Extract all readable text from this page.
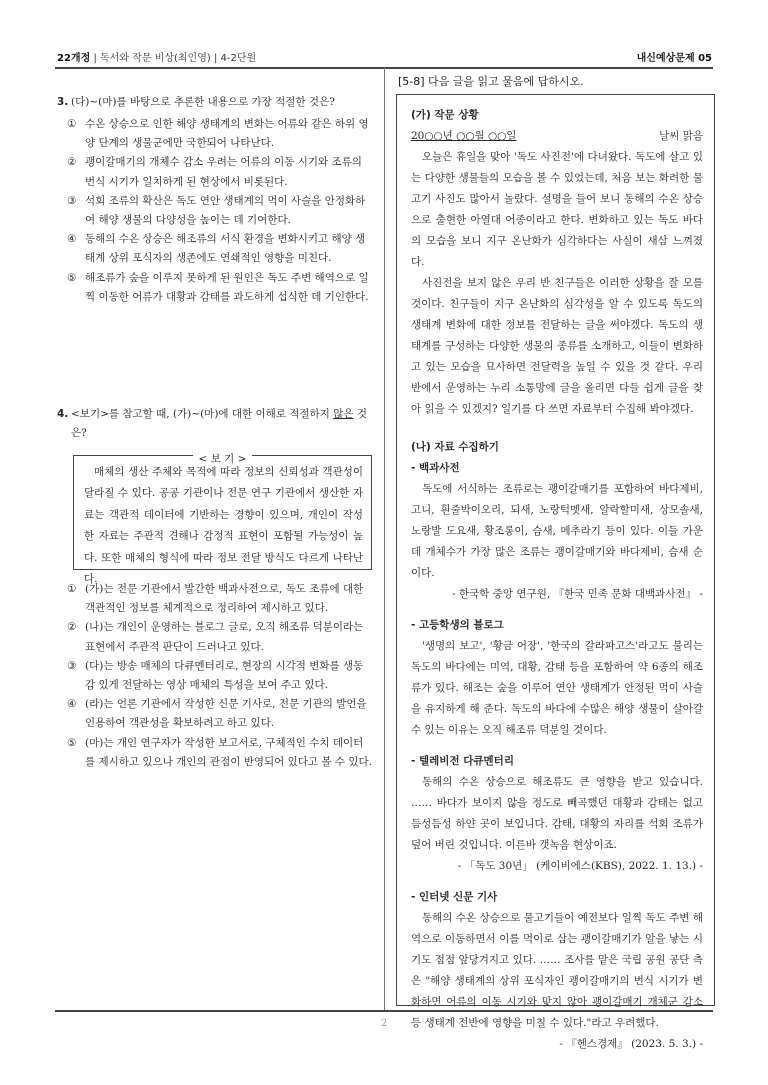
22개정 | 독서와 작문 비상(최인영) | 4-2단원	내신예상문제 05
3. (다)~(마)를 바탕으로 추론한 내용으로 가장 적절한 것은?
① 수온 상승으로 인한 해양 생태계의 변화는 어류와 같은 하위 영양 단계의 생물군에만 국한되어 나타난다.
② 괭이갈매기의 개체수 감소 우려는 어류의 이동 시기와 조류의 번식 시기가 일치하게 된 현상에서 비롯된다.
③ 석회 조류의 확산은 독도 연안 생태계의 먹이 사슬을 안정화하여 해양 생물의 다양성을 높이는 데 기여한다.
④ 동해의 수온 상승은 해조류의 서식 환경을 변화시키고 해양 생태계 상위 포식자의 생존에도 연쇄적인 영향을 미친다.
⑤ 해조류가 숲을 이루지 못하게 된 원인은 독도 주변 해역으로 일찍 이동한 어류가 대황과 감태를 과도하게 섭식한 데 기인한다.
4. <보기>를 참고할 때, (가)~(마)에 대한 이해로 적절하지 않은 것은?
< 보 기 >
매체의 생산 주체와 목적에 따라 정보의 신뢰성과 객관성이 달라질 수 있다. 공공 기관이나 전문 연구 기관에서 생산한 자료는 객관적 데이터에 기반하는 경향이 있으며, 개인이 작성한 자료는 주관적 견해나 감정적 표현이 포함될 가능성이 높다. 또한 매체의 형식에 따라 정보 전달 방식도 다르게 나타난다.
① (가)는 전문 기관에서 발간한 백과사전으로, 독도 조류에 대한 객관적인 정보를 체계적으로 정리하여 제시하고 있다.
② (나)는 개인이 운영하는 블로그 글로, 오직 해조류 덕분이라는 표현에서 주관적 판단이 드러나고 있다.
③ (다)는 방송 매체의 다큐멘터리로, 현장의 시각적 변화를 생동감 있게 전달하는 영상 매체의 특성을 보여 주고 있다.
④ (라)는 언론 기관에서 작성한 신문 기사로, 전문 기관의 발언을 인용하여 객관성을 확보하려고 하고 있다.
⑤ (마)는 개인 연구자가 작성한 보고서로, 구체적인 수치 데이터를 제시하고 있으나 개인의 관점이 반영되어 있다고 볼 수 있다.
[5-8] 다음 글을 읽고 물음에 답하시오.
(가) 작문 상황
20○○년 ○○월 ○○일	날씨 맑음
오늘은 휴일을 맞아 '독도 사진전'에 다녀왔다. 독도에 살고 있는 다양한 생물들의 모습을 볼 수 있었는데, 처음 보는 화려한 물고기 사진도 많아서 놀랐다. 설명을 들어 보니 동해의 수온 상승으로 출현한 아열대 어종이라고 한다. 변화하고 있는 독도 바다의 모습을 보니 지구 온난화가 심각하다는 사실이 새삼 느껴졌다.
사진전을 보지 않은 우리 반 친구들은 이러한 상황을 잘 모를 것이다. 친구들이 지구 온난화의 심각성을 알 수 있도록 독도의 생태계 변화에 대한 정보를 전달하는 글을 써야겠다. 독도의 생태계를 구성하는 다양한 생물의 종류를 소개하고, 이들이 변화하고 있는 모습을 묘사하면 전달력을 높일 수 있을 것 같다. 우리 반에서 운영하는 누리 소통망에 글을 올리면 다들 쉽게 글을 찾아 읽을 수 있겠지? 일기를 다 쓰면 자료부터 수집해 봐야겠다.
(나) 자료 수집하기
- 백과사전
독도에 서식하는 조류로는 괭이갈매기를 포함하여 바다제비, 고니, 흰줄박이오리, 되새, 노랑턱멧새, 알락할미새, 상모솔새, 노랑발 도요새, 황조롱이, 슴새, 메추라기 등이 있다. 이들 가운데 개체수가 가장 많은 조류는 괭이갈매기와 바다제비, 슴새 순이다.
- 한국학 중앙 연구원, 『한국 민족 문화 대백과사전』 -
- 고등학생의 블로그
'생명의 보고', '황금 어장', '한국의 갈라파고스'라고도 불리는 독도의 바다에는 미역, 대황, 감태 등을 포함하여 약 6종의 해조류가 있다. 해조는 숲을 이루어 연안 생태계가 안정된 먹이 사슬을 유지하게 해 준다. 독도의 바다에 수많은 해양 생물이 살아갈 수 있는 이유는 오직 해조류 덕분일 것이다.
- 텔레비전 다큐멘터리
동해의 수온 상승으로 해조류도 큰 영향을 받고 있습니다. …… 바다가 보이지 않을 정도로 빼곡했던 대황과 감태는 없고 듬성듬성 하얀 곳이 보입니다. 감태, 대황의 자리를 석회 조류가 덮어 버린 것입니다. 이른바 갯녹음 현상이죠.
- 「독도 30년」 (케이비에스(KBS), 2022. 1. 13.) -
- 인터넷 신문 기사
동해의 수온 상승으로 물고기들이 예전보다 일찍 독도 주변 해역으로 이동하면서 이를 먹이로 삼는 괭이갈매기가 알을 낳는 시기도 점점 앞당겨지고 있다. …… 조사를 맡은 국립 공원 공단 측은 "해양 생태계의 상위 포식자인 괭이갈매기의 번식 시기가 변화하면 어류의 이동 시기와 맞지 않아 괭이갈매기 개체군 감소 등 생태계 전반에 영향을 미칠 수 있다."라고 우려했다.
- 『헨스경제』 (2023. 5. 3.) -
2
